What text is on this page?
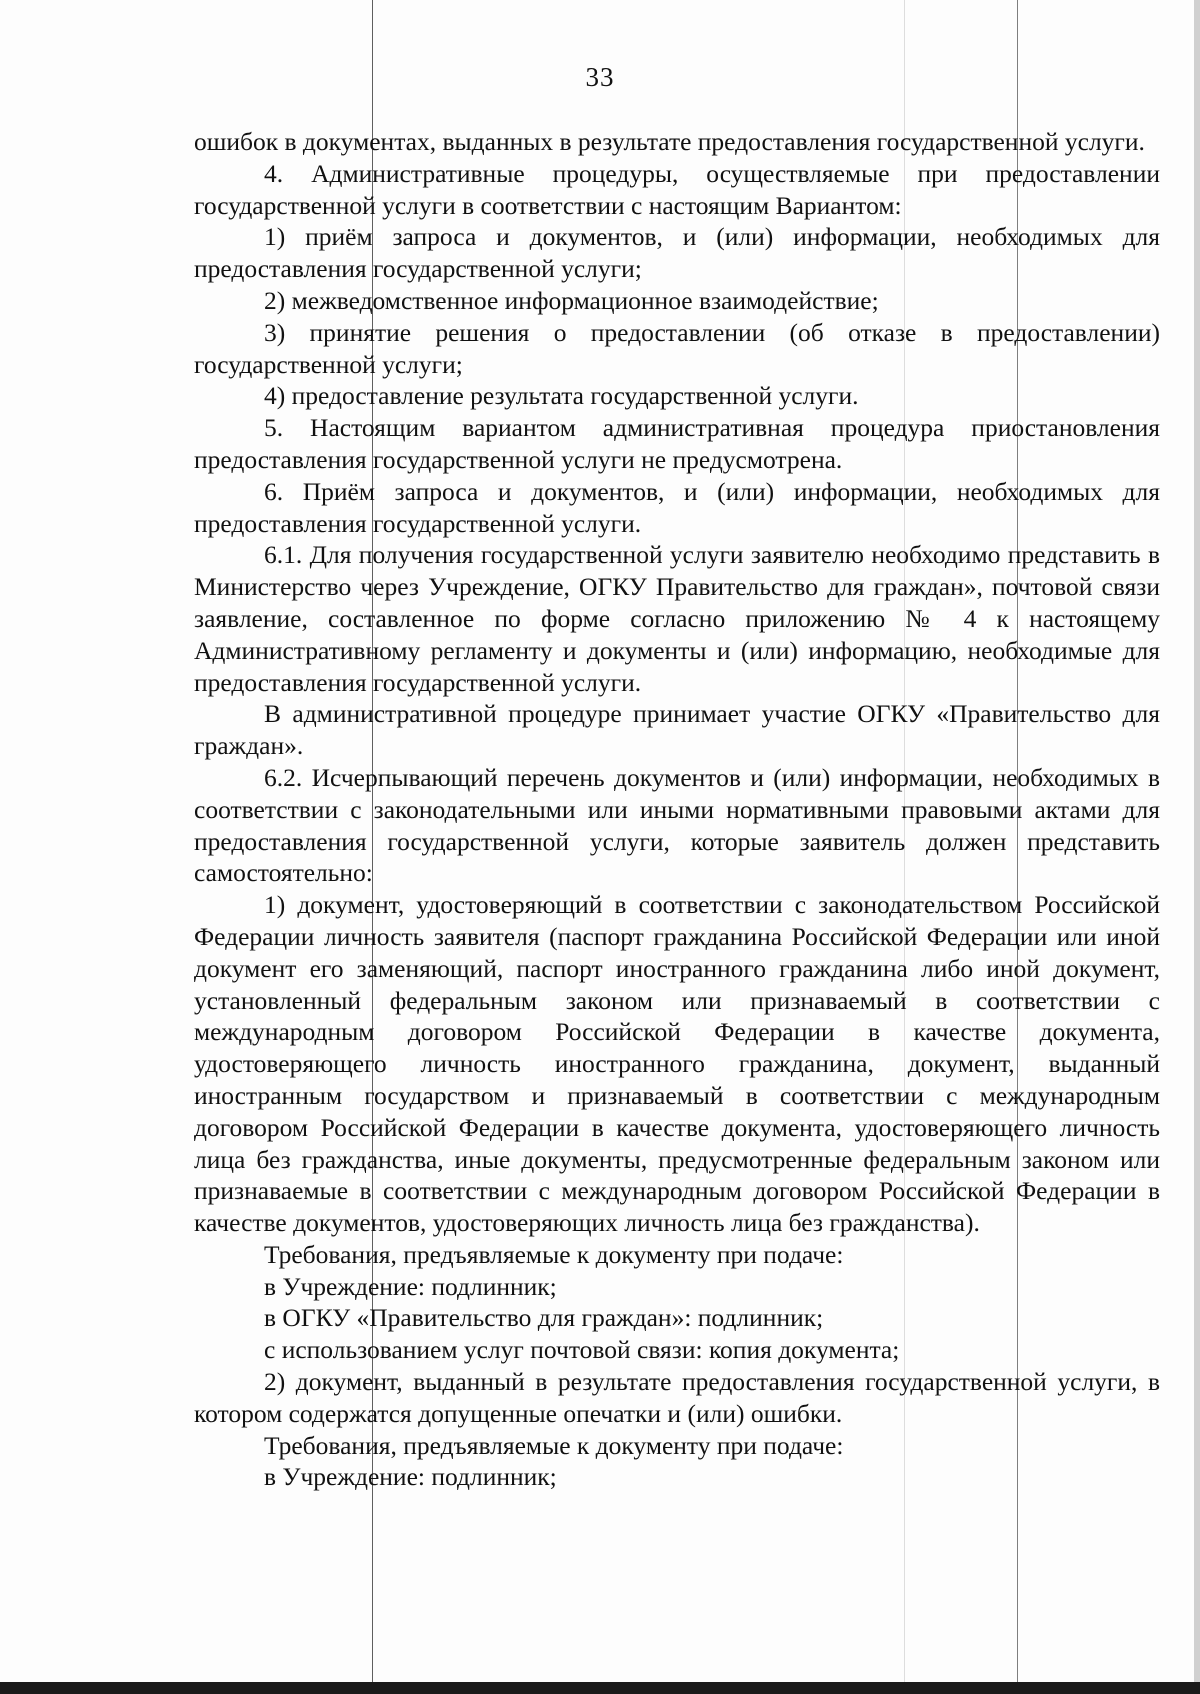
33

ошибок в документах, выданных в результате предоставления государственной услуги.

4. Административные процедуры, осуществляемые при предоставлении государственной услуги в соответствии с настоящим Вариантом:

1) приём запроса и документов, и (или) информации, необходимых для предоставления государственной услуги;

2) межведомственное информационное взаимодействие;

3) принятие решения о предоставлении (об отказе в предоставлении) государственной услуги;

4) предоставление результата государственной услуги.

5. Настоящим вариантом административная процедура приостановления предоставления государственной услуги не предусмотрена.

6. Приём запроса и документов, и (или) информации, необходимых для предоставления государственной услуги.

6.1. Для получения государственной услуги заявителю необходимо представить в Министерство через Учреждение, ОГКУ Правительство для граждан», почтовой связи заявление, составленное по форме согласно приложению № 4 к настоящему Административному регламенту и документы и (или) информацию, необходимые для предоставления государственной услуги.

В административной процедуре принимает участие ОГКУ «Правительство для граждан».

6.2. Исчерпывающий перечень документов и (или) информации, необходимых в соответствии с законодательными или иными нормативными правовыми актами для предоставления государственной услуги, которые заявитель должен представить самостоятельно:

1) документ, удостоверяющий в соответствии с законодательством Российской Федерации личность заявителя (паспорт гражданина Российской Федерации или иной документ его заменяющий, паспорт иностранного гражданина либо иной документ, установленный федеральным законом или признаваемый в соответствии с международным договором Российской Федерации в качестве документа, удостоверяющего личность иностранного гражданина, документ, выданный иностранным государством и признаваемый в соответствии с международным договором Российской Федерации в качестве документа, удостоверяющего личность лица без гражданства, иные документы, предусмотренные федеральным законом или признаваемые в соответствии с международным договором Российской Федерации в качестве документов, удостоверяющих личность лица без гражданства).

Требования, предъявляемые к документу при подаче:

в Учреждение: подлинник;

в ОГКУ «Правительство для граждан»: подлинник;

с использованием услуг почтовой связи: копия документа;

2) документ, выданный в результате предоставления государственной услуги, в котором содержатся допущенные опечатки и (или) ошибки.

Требования, предъявляемые к документу при подаче:

в Учреждение: подлинник;
